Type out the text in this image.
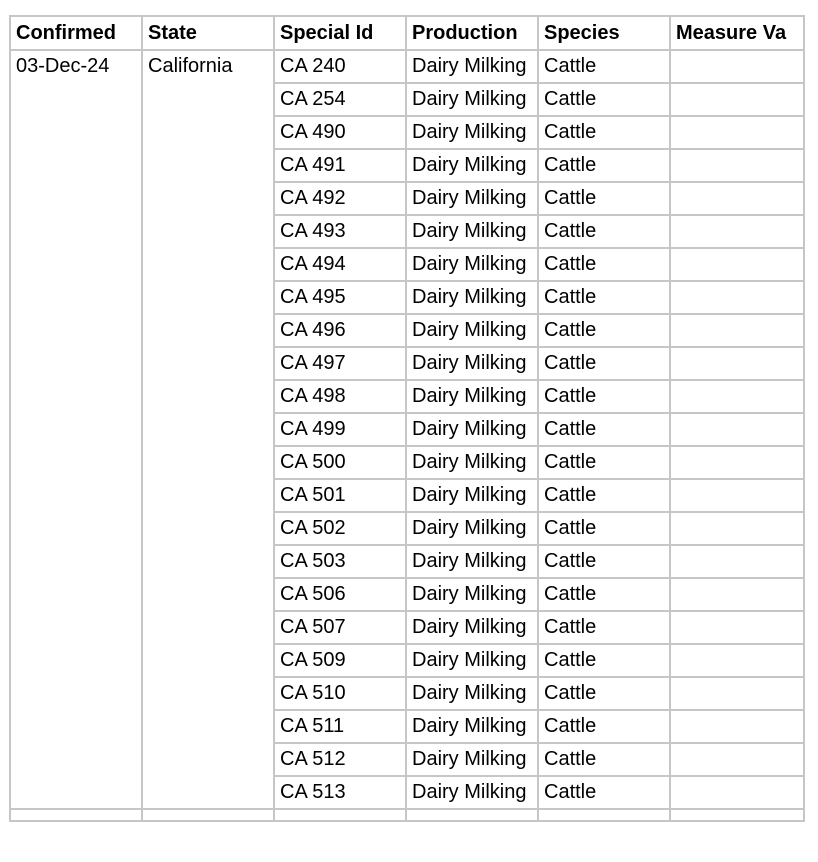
Confirmed	State	Special Id	Production	Species	Measure Va

03-Dec-24	California	CA 240	Dairy Milking	Cattle	
		CA 254	Dairy Milking	Cattle	
		CA 490	Dairy Milking	Cattle	
		CA 491	Dairy Milking	Cattle	
		CA 492	Dairy Milking	Cattle	
		CA 493	Dairy Milking	Cattle	
		CA 494	Dairy Milking	Cattle	
		CA 495	Dairy Milking	Cattle	
		CA 496	Dairy Milking	Cattle	
		CA 497	Dairy Milking	Cattle	
		CA 498	Dairy Milking	Cattle	
		CA 499	Dairy Milking	Cattle	
		CA 500	Dairy Milking	Cattle	
		CA 501	Dairy Milking	Cattle	
		CA 502	Dairy Milking	Cattle	
		CA 503	Dairy Milking	Cattle	
		CA 506	Dairy Milking	Cattle	
		CA 507	Dairy Milking	Cattle	
		CA 509	Dairy Milking	Cattle	
		CA 510	Dairy Milking	Cattle	
		CA 511	Dairy Milking	Cattle	
		CA 512	Dairy Milking	Cattle	
		CA 513	Dairy Milking	Cattle	
